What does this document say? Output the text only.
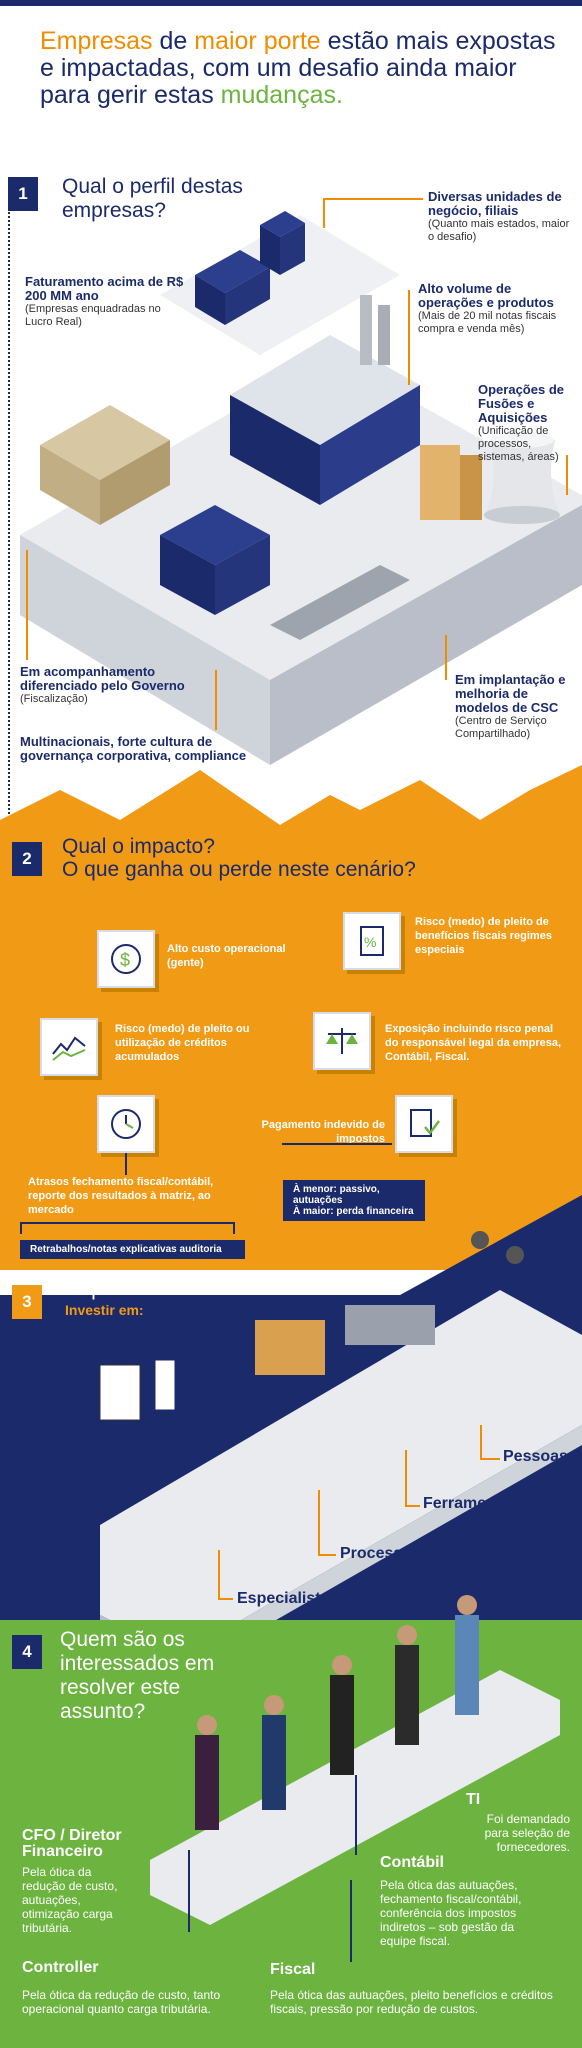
Empresas de maior porte estão mais expostas e impactadas, com um desafio ainda maior para gerir estas mudanças.
1	Qual o perfil destas empresas?
Faturamento acima de R$ 200 MM ano
(Empresas enquadradas no Lucro Real)
Diversas unidades de negócio, filiais
(Quanto mais estados, maior o desafio)
Alto volume de operações e produtos
(Mais de 20 mil notas fiscais compra e venda mês)
Operações de Fusões e Aquisições
(Unificação de processos, sistemas, áreas)
Em acompanhamento diferenciado pelo Governo
(Fiscalização)
Multinacionais, forte cultura de governança corporativa, compliance
Em implantação e melhoria de modelos de CSC
(Centro de Serviço Compartilhado)
2
Qual o impacto?
O que ganha ou perde neste cenário?
$
Alto custo operacional (gente)
%
Risco (medo) de pleito de benefícios fiscais regimes especiais
Risco (medo) de pleito ou utilização de créditos acumulados
Exposição incluindo risco penal do responsável legal da empresa, Contábil, Fiscal.
Pagamento indevido de impostos
Atrasos fechamento fiscal/contábil, reporte dos resultados à matriz, ao mercado
À menor: passivo, autuações
À maior: perda financeira
Retrabalhos/notas explicativas auditoria
3
O que fazer?
Investir em:
Pessoas
Ferramentas
Processos
Especialistas
4
Quem são os interessados em resolver este assunto?
CFO / Diretor Financeiro
Pela ótica da redução de custo, autuações, otimização carga tributária.
TI
Foi demandado para seleção de fornecedores.
Contábil
Pela ótica das autuações, fechamento fiscal/contábil, conferência dos impostos indiretos – sob gestão da equipe fiscal.
Controller
Pela ótica da redução de custo, tanto operacional quanto carga tributária.
Fiscal
Pela ótica das autuações, pleito benefícios e créditos fiscais, pressão por redução de custos.
